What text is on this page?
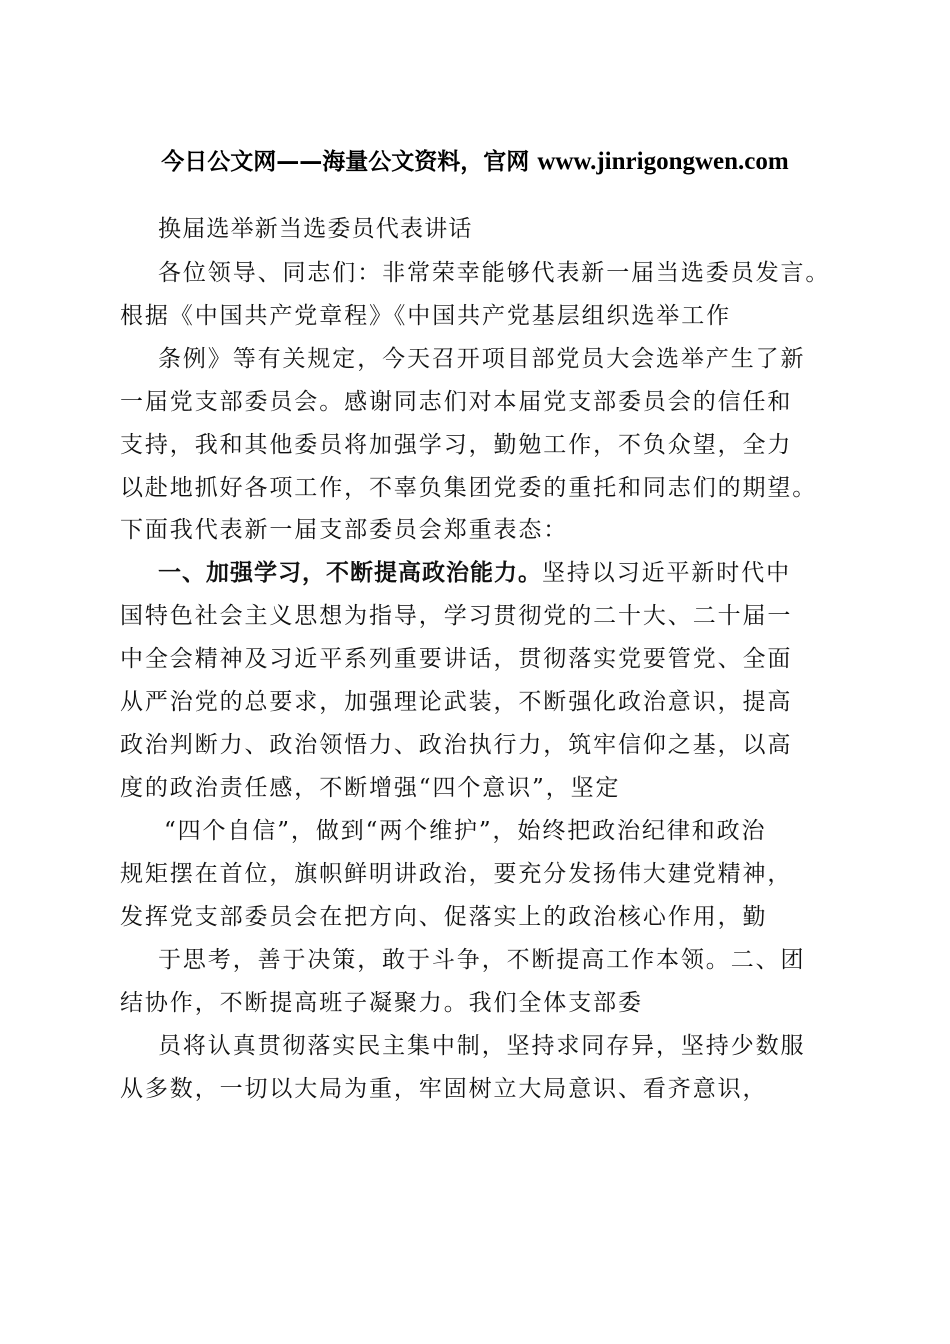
今日公文网——海量公文资料，官网 www.jinrigongwen.com
换届选举新当选委员代表讲话
各位领导、同志们：非常荣幸能够代表新一届当选委员发言。
根据《中国共产党章程》《中国共产党基层组织选举工作
条例》等有关规定，今天召开项目部党员大会选举产生了新
一届党支部委员会。感谢同志们对本届党支部委员会的信任和
支持，我和其他委员将加强学习，勤勉工作，不负众望，全力
以赴地抓好各项工作，不辜负集团党委的重托和同志们的期望。
下面我代表新一届支部委员会郑重表态：
一、加强学习，不断提高政治能力。坚持以习近平新时代中
国特色社会主义思想为指导，学习贯彻党的二十大、二十届一
中全会精神及习近平系列重要讲话，贯彻落实党要管党、全面
从严治党的总要求，加强理论武装，不断强化政治意识，提高
政治判断力、政治领悟力、政治执行力，筑牢信仰之基，以高
度的政治责任感，不断增强“四个意识”，坚定
“四个自信”，做到“两个维护”，始终把政治纪律和政治
规矩摆在首位，旗帜鲜明讲政治，要充分发扬伟大建党精神，
发挥党支部委员会在把方向、促落实上的政治核心作用，勤
于思考，善于决策，敢于斗争，不断提高工作本领。二、团
结协作，不断提高班子凝聚力。我们全体支部委
员将认真贯彻落实民主集中制，坚持求同存异，坚持少数服
从多数，一切以大局为重，牢固树立大局意识、看齐意识，
